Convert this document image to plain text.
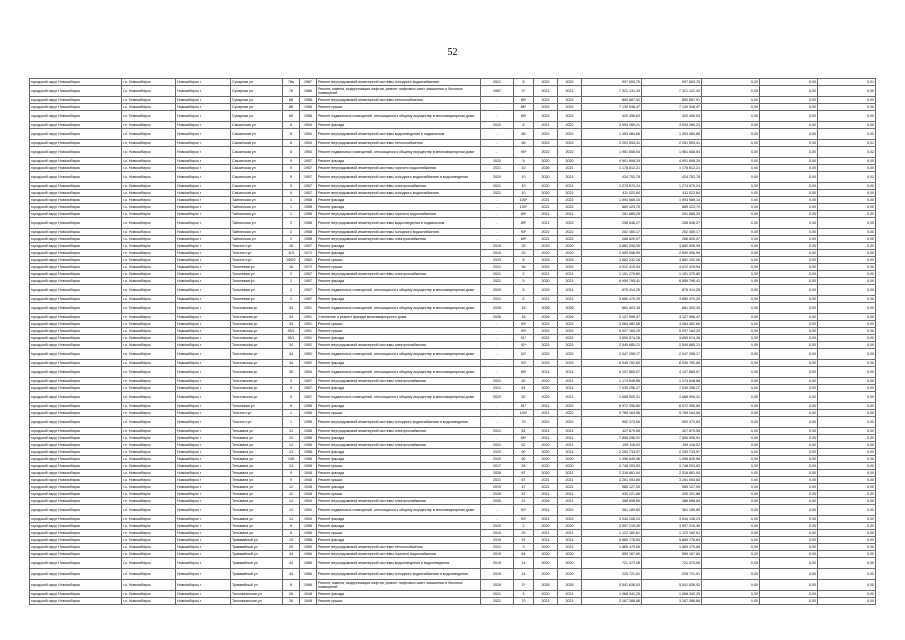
52
городской округ Новосибирск	г.о. Новосибирск	Новосибирск г	Сухарная ул	78а	1987	Ремонт внутридомовой инженерной системы холодного водоснабжения	2021	8	2022	2022	997 653,75	997 653,75	0,00	0,00	0,01
городской округ Новосибирск	г.о. Новосибирск	Новосибирск г	Сухарная ул	78	1986	Ремонт, замена, модернизация лифтов, ремонт лифтовых шахт, машинных и блочных помещений	1987	2*	2021	2021	7 321 131,43	7 321 131,43	0,00	0,00	0,00
городской округ Новосибирск	г.о. Новосибирск	Новосибирск г	Сухарная ул	88	1958	Ремонт внутридомовой инженерной системы теплоснабжения	-	85*	2022	2022	890 687,91	890 687,91	0,00	0,00	0,00
городской округ Новосибирск	г.о. Новосибирск	Новосибирск г	Сухарная ул	8б	1958	Ремонт крыши	-	86*	2022	2022	7 139 548,47	7 139 548,47	0,00	0,00	0,00
городской округ Новосибирск	г.о. Новосибирск	Новосибирск г	Сухарная ул	8б	1958	Ремонт подвальных помещений, относящихся к общему имуществу в многоквартирном доме	-	85*	2022	2022	420 458,63	420 458,63	0,00	0,00	0,00
городской округ Новосибирск	г.о. Новосибирск	Новосибирск г	Сакзитская ул	6	1954	Ремонт фасада	2022	8	2021	2022	3 093 289,21	3 093 289,21	0,00	0,00	0,00
городской округ Новосибирск	г.о. Новосибирск	Новосибирск г	Сакзитская ул	6	1954	Ремонт внутридомовой инженерной системы водоотведения в подвальном	-	65	2022	2022	1 453 484,66	1 453 484,66	0,00	0,00	0,00
городской округ Новосибирск	г.о. Новосибирск	Новосибирск г	Сакзитская ул	6	1954	Ремонт внутридомовой инженерной системы теплоснабжения	-	65	2022	2022	2 251 593,41	2 251 593,41	0,00	0,00	0,01
городской округ Новосибирск	г.о. Новосибирск	Новосибирск г	Сакзитская ул	6	1954	Ремонт подвальных помещений, относящихся к общему имуществу в многоквартирном доме	-	95*	2022	2022	1 961 658,54	1 961 658,54	0,00	0,00	0,02
городской округ Новосибирск	г.о. Новосибирск	Новосибирск г	Сакзитская ул	9	1957	Ремонт фасада	2020	5	2020	2020	4 901 898,29	4 901 898,29	0,00	0,00	0,00
городской округ Новосибирск	г.о. Новосибирск	Новосибирск г	Сакзитская ул	9	1957	Ремонт внутридомовой инженерной системы горячего водоснабжения	2021	10	2026	2021	1 178 812,21	1 178 812,21	0,00	0,00	0,00
городской округ Новосибирск	г.о. Новосибирск	Новосибирск г	Сакзитская ул	9	1957	Ремонт внутридомовой инженерной системы холодного водоснабжения и водоотведения	2020	10	2020	2021	424 753,78	424 753,78	0,00	0,00	0,01
городской округ Новосибирск	г.о. Новосибирск	Новосибирск г	Сакзитская ул	9	1957	Ремонт внутридомовой инженерной системы электроснабжения	2021	10	2020	2021	1 274 670,24	1 274 670,24	0,00	0,00	0,00
городской округ Новосибирск	г.о. Новосибирск	Новосибирск г	Сакзитская ул	9	1957	Ремонт внутридомовой инженерной системы холодного водоснабжения	2021	10	2020	2021	411 022,64	411 022,64	0,00	0,00	0,00
городской округ Новосибирск	г.о. Новосибирск	Новосибирск г	Тайгинская ул	1	1958	Ремонт фасада	-	100*	2021	2022	1 593 565,10	1 593 565,10	0,00	0,00	0,00
городской округ Новосибирск	г.о. Новосибирск	Новосибирск г	Тайгинская ул	1	1958	Ремонт фасада	-	100*	2021	2022	689 423,70	689 423,70	0,00	0,00	0,00
городской округ Новосибирск	г.о. Новосибирск	Новосибирск г	Тайгинская ул	1	1958	Ремонт внутридомовой инженерной системы горячего водоснабжения	-	89*	2021	2021	251 685,25	251 685,25	0,00	0,00	0,00
городской округ Новосибирск	г.о. Новосибирск	Новосибирск г	Тайгинская ул	2	1958	Ремонт внутридомовой инженерной системы водоотведения в подвальном	-	89*	2021	2022	258 646,27	258 646,27	0,00	0,00	0,00
городской округ Новосибирск	г.о. Новосибирск	Новосибирск г	Тайгинская ул	2	1958	Ремонт внутридомовой инженерной системы холодного водоснабжения	-	93*	2021	2022	252 450,17	252 450,17	0,00	0,00	0,00
городской округ Новосибирск	г.о. Новосибирск	Новосибирск г	Тайгинская ул	2	1958	Ремонт внутридомовой инженерной системы электроснабжения	-	89*	2021	2022	266 820,07	266 820,07	0,00	0,00	0,00
городской округ Новосибирск	г.о. Новосибирск	Новосибирск г	Толстого ул	16	1957	Ремонт фасада	2019	25	2019	2020	3 880 098,95	3 880 098,95	0,00	0,00	0,00
городской округ Новосибирск	г.о. Новосибирск	Новосибирск г	Толстого ул	113	1972	Ремонт фасада	2019	22	2020	2020	2 690 056,99	2 690 056,99	0,00	0,00	0,00
городской округ Новосибирск	г.о. Новосибирск	Новосибирск г	Толстого ул	265/2	1962	Ремонт крыши	2023	8	2023	2023	3 862 232,26	3 862 232,26	0,00	0,00	0,00
городской округ Новосибирск	г.о. Новосибирск	Новосибирск г	Тополевая ул	16	1972	Ремонт крыши	2021	36	2022	2022	4 012 419,94	4 012 419,94	0,00	0,00	0,00
городской округ Новосибирск	г.о. Новосибирск	Новосибирск г	Тополевая ул	2	1957	Ремонт внутридомовой инженерной системы электроснабжения	2021	2	2021	2021	1 151 279,80	1 151 279,80	0,00	0,00	0,00
городской округ Новосибирск	г.о. Новосибирск	Новосибирск г	Тополевая ул	2	1957	Ремонт фасада	2021	5	2020	2021	6 959 795,41	6 959 795,41	0,00	0,00	0,00
городской округ Новосибирск	г.о. Новосибирск	Новосибирск г	Тополевая ул	2	1957	Ремонт подвальных помещений, относящихся к общему имуществу в многоквартирном доме	2029	5	2029	2021	675 414,25	675 414,25	0,00	0,00	0,00
городской округ Новосибирск	г.о. Новосибирск	Новосибирск г	Тополевая ул	2	1957	Ремонт фасада	2021	5	2021	2021	3 680 470,29	3 680 470,29	0,00	0,00	0,00
городской округ Новосибирск	г.о. Новосибирск	Новосибирск г	Толстовская ул	34	1951	Ремонт подвальных помещений, относящихся к общему имуществу в многоквартирном доме	2026	16	2026	2026	681 403,35	681 403,35	0,00	0,00	0,00
городской округ Новосибирск	г.о. Новосибирск	Новосибирск г	Толстовская ул	34	1951	Утепление и ремонт фасада многоквартирного дома	2026	16	2026	2026	3 127 598,47	3 127 598,47	0,00	0,00	0,00
городской округ Новосибирск	г.о. Новосибирск	Новосибирск г	Толстовская ул	34	1951	Ремонт крыши	-	93*	2022	2022	3 084 482,66	3 084 482,66	0,00	0,00	0,00
городской округ Новосибирск	г.о. Новосибирск	Новосибирск г	Толстовская ул	35/1	1951	Ремонт крыши	-	90*	2022	2022	5 027 164,20	5 027 164,20	0,00	0,00	0,00
городской округ Новосибирск	г.о. Новосибирск	Новосибирск г	Толстовская ул	35/1	1951	Ремонт фасада	-	91*	2022	2022	3 659 574,26	3 659 574,26	0,00	0,00	0,00
городской округ Новосибирск	г.о. Новосибирск	Новосибирск г	Толстовская ул	34	1952	Ремонт внутридомовой инженерной системы электроснабжения	-	92*	2022	2022	2 549 685,21	2 549 685,21	0,00	0,00	0,00
городской округ Новосибирск	г.о. Новосибирск	Новосибирск г	Толстовская ул	34	1952	Ремонт подвальных помещений, относящихся к общему имуществу в многоквартирном доме	-	92*	2022	2022	2 047 258,17	2 047 258,17	0,00	0,00	0,00
городской округ Новосибирск	г.о. Новосибирск	Новосибирск г	Толстовская ул	34	1952	Ремонт фасада	-	93*	2023	2023	8 049 782,80	8 049 782,80	0,00	0,00	0,00
городской округ Новосибирск	г.о. Новосибирск	Новосибирск г	Толстовская ул	36	1954	Ремонт подвальных помещений, относящихся к общему имуществу в многоквартирном доме	-	85*	2021	2021	4 107 869,07	4 107 869,07	0,00	0,00	0,00
городской округ Новосибирск	г.о. Новосибирск	Новосибирск г	Толстовская ул	9	1957	Ремонт внутридомовой инженерной системы электроснабжения	2021	52	2020	2021	1 174 648,88	1 174 648,88	0,00	0,00	0,00
городской округ Новосибирск	г.о. Новосибирск	Новосибирск г	Толстовская ул	9	1957	Ремонт фасада	2021	61	2020	2021	7 035 256,27	7 035 256,27	0,00	0,00	0,00
городской округ Новосибирск	г.о. Новосибирск	Новосибирск г	Толстовская ул	9	1957	Ремонт подвальных помещений, относящихся к общему имуществу в многоквартирном доме	2029	52	2029	2021	1 668 905,31	1 668 905,31	0,00	0,00	0,00
городской округ Новосибирск	г.о. Новосибирск	Новосибирск г	Тополевая ул	6	1958	Ремонт фасада	-	81*	2021	2022	8 972 096,80	8 972 096,80	0,00	0,00	0,00
городской округ Новосибирск	г.о. Новосибирск	Новосибирск г	Толстого ул	1	1958	Ремонт крыши	-	100*	2021	2022	9 769 164,56	9 769 164,56	0,00	0,00	0,00
городской округ Новосибирск	г.о. Новосибирск	Новосибирск г	Толстого ул	1	1958	Ремонт внутридомовой инженерной системы холодного водоснабжения и водоотведения	-	79	2022	2022	992 373,69	992 373,69	0,00	0,00	0,00
городской округ Новосибирск	г.о. Новосибирск	Новосибирск г	Тельмана ул	13	1958	Ремонт внутридомовой инженерной системы электроснабжения	2021	51	2021	2021	427 679,55	427 679,55	0,00	0,00	0,00
городской округ Новосибирск	г.о. Новосибирск	Новосибирск г	Тельмана ул	13	1958	Ремонт фасада	-	86*	2021	2021	7 856 096,91	7 856 096,91	0,00	0,00	0,00
городской округ Новосибирск	г.о. Новосибирск	Новосибирск г	Тельмана ул	13	1958	Ремонт внутридомовой инженерной системы электроснабжения	2021	62	2020	2021	159 116,02	159 116,02	0,00	0,00	0,00
городской округ Новосибирск	г.о. Новосибирск	Новосибирск г	Тельмана ул	13	1958	Ремонт фасада	2020	60	2020	2021	2 259 733,97	2 259 733,97	0,00	0,00	0,00
городской округ Новосибирск	г.о. Новосибирск	Новосибирск г	Тельмана ул	13б	1958	Ремонт фасада	2020	60	2020	2020	1 096 845,98	1 096 845,98	0,00	0,00	0,00
городской округ Новосибирск	г.о. Новосибирск	Новосибирск г	Тельмана ул	13	1958	Ремонт крыши	2017	28	2020	2020	3 748 203,83	3 748 203,83	0,00	0,00	0,00
городской округ Новосибирск	г.о. Новосибирск	Новосибирск г	Тельмана ул	9	1948	Ремонт фасада	2026	67	2020	2021	2 316 661,94	2 316 661,94	0,00	0,00	0,00
городской округ Новосибирск	г.о. Новосибирск	Новосибирск г	Тельмана ул	9	1948	Ремонт крыши	2021	67	2021	2021	3 251 053,65	3 251 053,65	0,00	0,00	0,00
городской округ Новосибирск	г.о. Новосибирск	Новосибирск г	Тельмана ул	12	1948	Ремонт фасада	2019	47	2021	2021	985 127,05	985 127,05	0,00	0,00	0,00
городской округ Новосибирск	г.о. Новосибирск	Новосибирск г	Тельмана ул	12	1948	Ремонт крыши	2026	47	2021	2021	430 221,86	430 221,86	0,00	0,00	0,00
городской округ Новосибирск	г.о. Новосибирск	Новосибирск г	Тельмана ул	14	1954	Ремонт внутридомовой инженерной системы электроснабжения	2030	31	2026	2021	366 698,65	366 698,65	0,00	0,00	0,00
городской округ Новосибирск	г.о. Новосибирск	Новосибирск г	Тельмана ул	14	1954	Ремонт подвальных помещений, относящихся к общему имуществу в многоквартирном доме	-	92*	2021	2022	361 189,89	361 189,89	0,00	0,00	0,00
городской округ Новосибирск	г.о. Новосибирск	Новосибирск г	Тельмана ул	14	1954	Ремонт фасада	-	93*	2021	2022	3 044 108,23	3 044 108,23	0,00	0,00	0,00
городской округ Новосибирск	г.о. Новосибирск	Новосибирск г	Тельмана ул	8	1958	Ремонт фасада	2020	2	2020	2020	3 997 219,30	3 997 219,30	0,00	0,00	0,00
городской округ Новосибирск	г.о. Новосибирск	Новосибирск г	Тельмана ул	8	1958	Ремонт крыши	2019	29	2021	2021	1 122 182,61	1 122 182,61	0,00	0,00	0,00
городской округ Новосибирск	г.о. Новосибирск	Новосибирск г	Трамвайный ул	15	1958	Ремонт фасада	2019	91	2021	2021	5 860 776,84	5 860 776,84	0,00	0,00	0,00
городской округ Новосибирск	г.о. Новосибирск	Новосибирск г	Трамвайный ул	26	1959	Ремонт внутридомовой инженерной системы теплоснабжения	2021	9	2020	2021	1 865 479,65	1 865 479,65	0,00	0,00	0,00
городской округ Новосибирск	г.о. Новосибирск	Новосибирск г	Трамвайный ул	44	1966	Ремонт внутридомовой инженерной системы горячего водоснабжения	2019	84	2020	2020	559 167,80	559 167,80	0,00	0,00	0,00
городской округ Новосибирск	г.о. Новосибирск	Новосибирск г	Трамвайный ул	44	1966	Ремонт внутридомовой инженерной системы водоотведения и водоотведения	2019	14	2020	2020	721 473,08	721 473,08	0,00	0,00	0,00
городской округ Новосибирск	г.о. Новосибирск	Новосибирск г	Трамвайный ул	44	1966	Ремонт внутридомовой инженерной системы холодного водоснабжения и водоотведения	2019	14	2020	2020	225 721,51	225 721,51	0,00	0,00	0,00
городской округ Новосибирск	г.о. Новосибирск	Новосибирск г	Трамвайный ул	6	1968	Ремонт, замена, модернизация лифтов, ремонт лифтовых шахт, машинных и блочных помещений	2026	2*	2026	2026	5 541 636,53	5 541 636,53	0,00	0,00	0,00
городской округ Новосибирск	г.о. Новосибирск	Новосибирск г	Тихоокеанская ул	26	1948	Ремонт фасада	2021	3	2020	2021	1 068 342,25	1 068 342,25	0,00	0,00	0,00
городской округ Новосибирск	г.о. Новосибирск	Новосибирск г	Тихоокеанская ул	26	1948	Ремонт крыши	2021	70	2021	2021	3 167 388,88	3 167 388,88	0,00	0,00	0,00
